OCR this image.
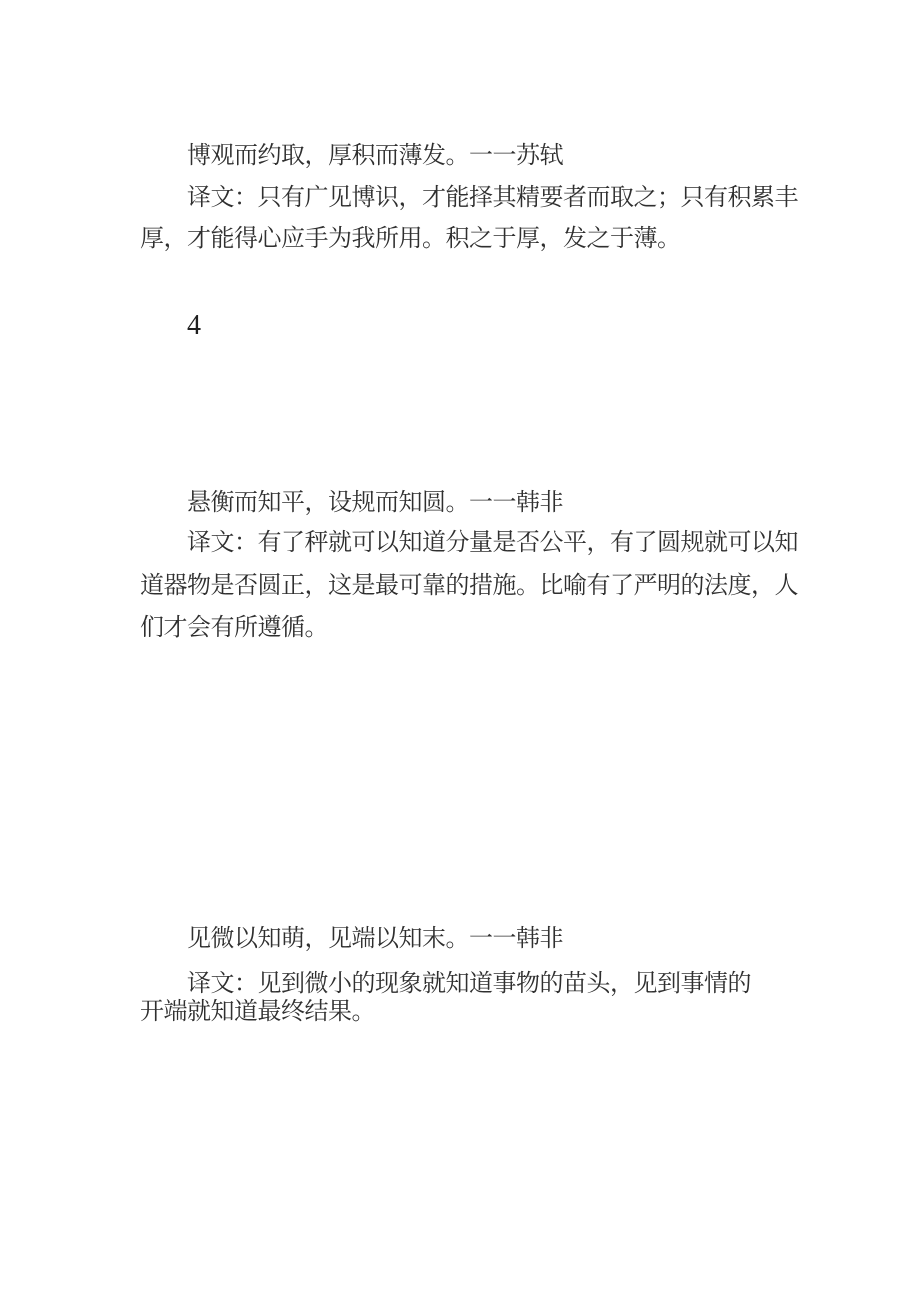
博观而约取，厚积而薄发。一一苏轼
译文：只有广见博识，才能择其精要者而取之；只有积累丰
厚，才能得心应手为我所用。积之于厚，发之于薄。
4
悬衡而知平，设规而知圆。一一韩非
译文：有了秤就可以知道分量是否公平，有了圆规就可以知
道器物是否圆正，这是最可靠的措施。比喻有了严明的法度，人
们才会有所遵循。
见微以知萌，见端以知末。一一韩非
译文：见到微小的现象就知道事物的苗头，见到事情的
开端就知道最终结果。
